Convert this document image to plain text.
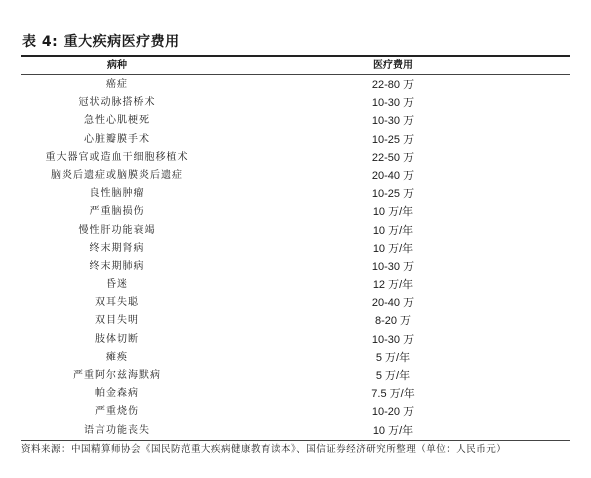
表 4: 重大疾病医疗费用
病种	医疗费用
癌症	22-80 万
冠状动脉搭桥术	10-30 万
急性心肌梗死	10-30 万
心脏瓣膜手术	10-25 万
重大器官或造血干细胞移植术	22-50 万
脑炎后遗症或脑膜炎后遗症	20-40 万
良性脑肿瘤	10-25 万
严重脑损伤	10 万/年
慢性肝功能衰竭	10 万/年
终末期肾病	10 万/年
终末期肺病	10-30 万
昏迷	12 万/年
双耳失聪	20-40 万
双目失明	8-20 万
肢体切断	10-30 万
瘫痪	5 万/年
严重阿尔兹海默病	5 万/年
帕金森病	7.5 万/年
严重烧伤	10-20 万
语言功能丧失	10 万/年
资料来源：中国精算师协会《国民防范重大疾病健康教育读本》、国信证券经济研究所整理（单位：人民币元）
